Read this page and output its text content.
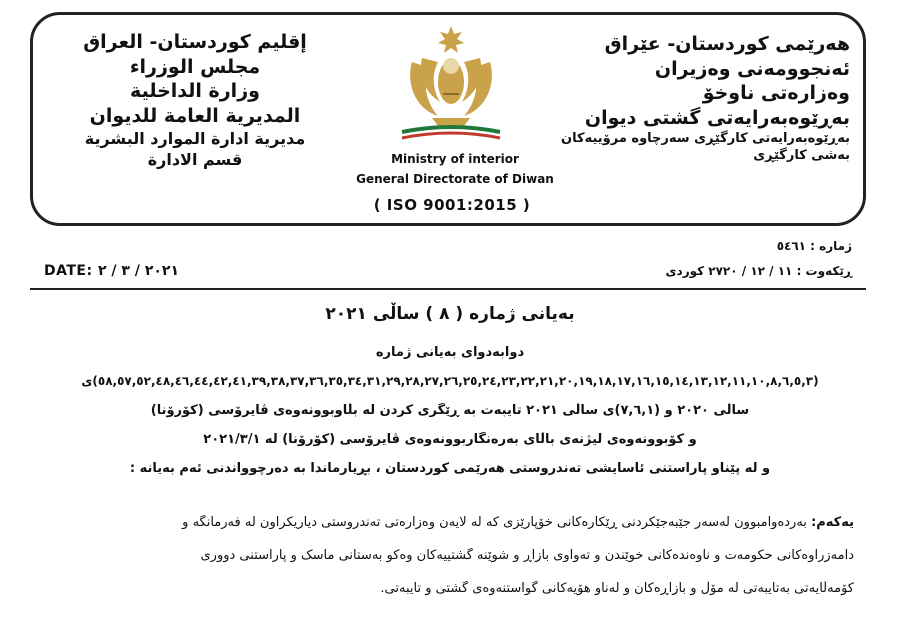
إقليم كوردستان- العراق
مجلس الوزراء
وزارة الداخلية
المديرية العامة للديوان
مديرية ادارة الموارد البشرية
قسم الادارة
هەرێمی کوردستان- عێراق
ئەنجوومەنی وەزیران
وەزارەتی ناوخۆ
بەڕێوەبەرایەتی گشتی دیوان
بەڕێوەبەرایەتی کارگێڕی سەرچاوە مرۆییەکان
بەشی کارگێڕی
Ministry of interior
General Directorate of Diwan
( ISO 9001:2015 )
ژمارە : ٥٤٦١
ڕێکەوت : ١١ / ١٢ / ٢٧٢٠ کوردی
DATE: ٢٠٢١ / ٣ / ٢
بەیانی ژمارە ( ٨ ) ساڵی ٢٠٢١
دوابەدوای بەیانی ژمارە
(٥٨,٥٧,٥٢,٤٨,٤٦,٤٤,٤٢,٤١,٣٩,٣٨,٣٧,٣٦,٣٥,٣٤,٣١,٢٩,٢٨,٢٧,٢٦,٢٥,٢٤,٢٣,٢٢,٢١,٢٠,١٩,١٨,١٧,١٦,١٥,١٤,١٣,١٢,١١,١٠,٨,٦,٥,٣)ی
ساڵی ٢٠٢٠ و (٧,٦,١)ی ساڵی ٢٠٢١ تایبەت بە ڕێگری کردن لە بڵاوبوونەوەی ڤایرۆسی (کۆرۆنا)
و کۆبوونەوەی لیژنەی باڵای بەرەنگاربوونەوەی ڤایرۆسی (کۆرۆنا) لە ٢٠٢١/٣/١
و لە پێناو پاراستنی ئاسایشی تەندروستی هەرێمی کوردستان ، بڕیارماندا بە دەرچوواندنی ئەم بەیانە :
یەکەم: بەردەوامبوون لەسەر جێبەجێکردنی ڕێکارەکانی خۆپارێزی کە لە لایەن وەزارەتی تەندروستی دیاریکراون لە فەرمانگە و
دامەزراوەکانی حکومەت و ناوەندەکانی خوێندن و تەواوی بازاڕ و شوێنە گشتییەکان وەکو بەستانی ماسک و پاراستنی دووری
کۆمەڵایەتی بەتایبەتی لە مۆڵ و بازاڕەکان و لەناو هۆیەکانی گواستنەوەی گشتی و تایبەتی.
